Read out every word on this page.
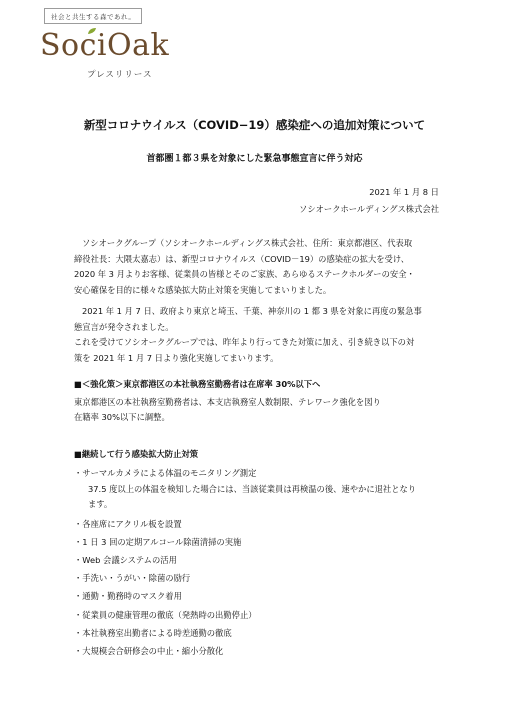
社会と共生する森であれ。
SociOak
プレスリリース
新型コロナウイルス（COVID−19）感染症への追加対策について
首都圏１都３県を対象にした緊急事態宣言に伴う対応
2021 年 1 月 8 日
ソシオークホールディングス株式会社

ソシオークグループ（ソシオークホールディングス株式会社、住所：東京都港区、代表取
締役社長：大隈太嘉志）は、新型コロナウイルス（COVID－19）の感染症の拡大を受け、
2020 年 3 月よりお客様、従業員の皆様とそのご家族、あらゆるステークホルダーの安全・
安心確保を目的に様々な感染拡大防止対策を実施してまいりました。

2021 年 1 月 7 日、政府より東京と埼玉、千葉、神奈川の 1 都 3 県を対象に再度の緊急事
態宣言が発令されました。
これを受けてソシオークグループでは、昨年より行ってきた対策に加え、引き続き以下の対
策を 2021 年 1 月 7 日より強化実施してまいります。

■＜強化策＞東京都港区の本社執務室勤務者は在席率 30%以下へ
東京都港区の本社執務室勤務者は、本支店執務室人数制限、テレワーク強化を図り
在籍率 30%以下に調整。
■継続して行う感染拡大防止対策
・サーマルカメラによる体温のモニタリング測定
37.5 度以上の体温を検知した場合には、当該従業員は再検温の後、速やかに退社となり
ます。
・各座席にアクリル板を設置
・1 日 3 回の定期アルコール除菌清掃の実施
・Web 会議システムの活用
・手洗い・うがい・除菌の励行
・通勤・勤務時のマスク着用
・従業員の健康管理の徹底（発熱時の出勤停止）
・本社執務室出勤者による時差通勤の徹底
・大規模会合研修会の中止・縮小分散化
